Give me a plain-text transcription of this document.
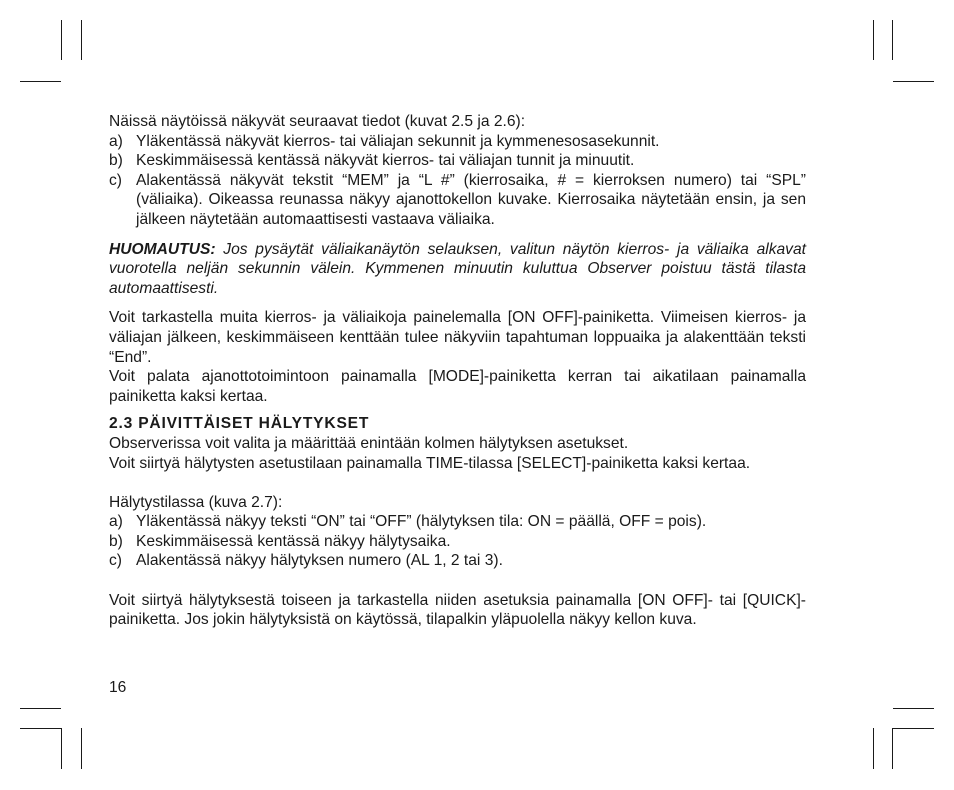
Näissä näytöissä näkyvät seuraavat tiedot (kuvat 2.5 ja 2.6):

a) Yläkentässä näkyvät kierros- tai väliajan sekunnit ja kymmenesosasekunnit.
b) Keskimmäisessä kentässä näkyvät kierros- tai väliajan tunnit ja minuutit.
c) Alakentässä näkyvät tekstit “MEM” ja “L #” (kierrosaika, # = kierroksen numero) tai “SPL” (väliaika). Oikeassa reunassa näkyy ajanottokellon kuvake. Kierrosaika näytetään ensin, ja sen jälkeen näytetään automaattisesti vastaava väliaika.

HUOMAUTUS: Jos pysäytät väliaikanäytön selauksen, valitun näytön kierros- ja väliaika alkavat vuorotella neljän sekunnin välein. Kymmenen minuutin kuluttua Observer poistuu tästä tilasta automaattisesti.

Voit tarkastella muita kierros- ja väliaikoja painelemalla [ON OFF]-painiketta. Viimeisen kierros- ja väliajan jälkeen, keskimmäiseen kenttään tulee näkyviin tapahtuman loppuaika ja alakenttään teksti “End”.

Voit palata ajanottotoimintoon painamalla [MODE]-painiketta kerran tai aikatilaan painamalla painiketta kaksi kertaa.

2.3 PÄIVITTÄISET HÄLYTYKSET

Observerissa voit valita ja määrittää enintään kolmen hälytyksen asetukset.

Voit siirtyä hälytysten asetustilaan painamalla TIME-tilassa [SELECT]-painiketta kaksi kertaa.

Hälytystilassa (kuva 2.7):

a) Yläkentässä näkyy teksti “ON” tai “OFF” (hälytyksen tila: ON = päällä, OFF = pois).
b) Keskimmäisessä kentässä näkyy hälytysaika.
c) Alakentässä näkyy hälytyksen numero (AL 1, 2 tai 3).

Voit siirtyä hälytyksestä toiseen ja tarkastella niiden asetuksia painamalla [ON OFF]- tai [QUICK]-painiketta. Jos jokin hälytyksistä on käytössä, tilapalkin yläpuolella näkyy kellon kuva.

16
